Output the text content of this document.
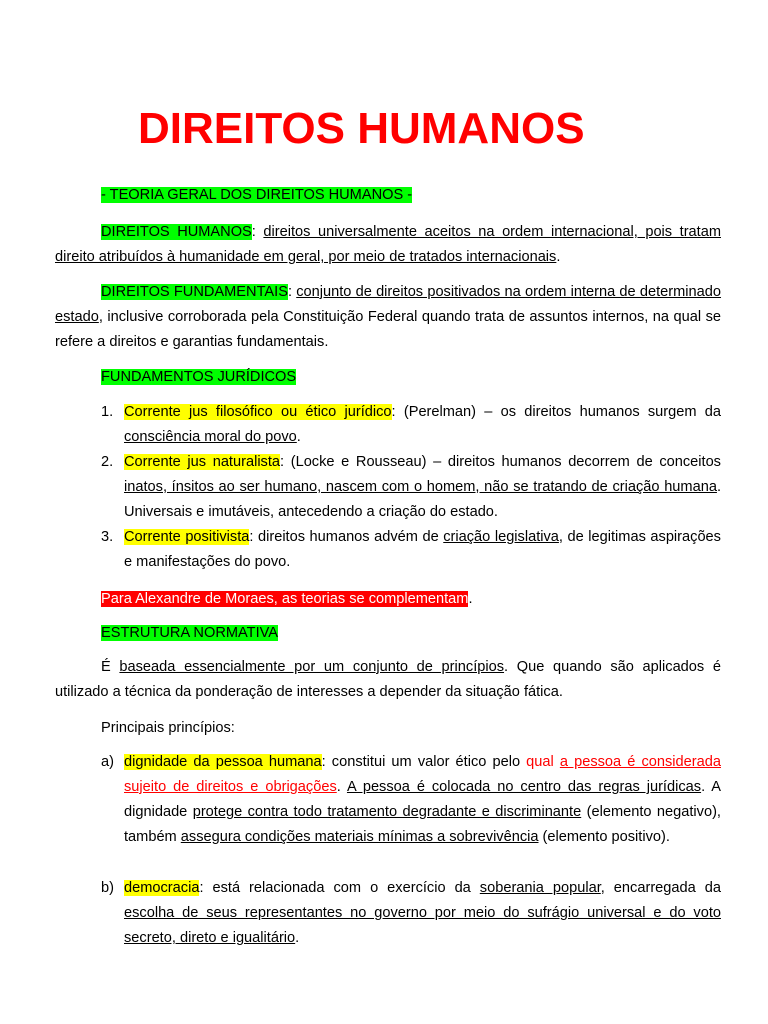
DIREITOS HUMANOS
- TEORIA GERAL DOS DIREITOS HUMANOS -
DIREITOS HUMANOS: direitos universalmente aceitos na ordem internacional, pois tratam direito atribuídos à humanidade em geral, por meio de tratados internacionais.
DIREITOS FUNDAMENTAIS: conjunto de direitos positivados na ordem interna de determinado estado, inclusive corroborada pela Constituição Federal quando trata de assuntos internos, na qual se refere a direitos e garantias fundamentais.
FUNDAMENTOS JURÍDICOS
1. Corrente jus filosófico ou ético jurídico: (Perelman) – os direitos humanos surgem da consciência moral do povo.
2. Corrente jus naturalista: (Locke e Rousseau) – direitos humanos decorrem de conceitos inatos, ínsitos ao ser humano, nascem com o homem, não se tratando de criação humana. Universais e imutáveis, antecedendo a criação do estado.
3. Corrente positivista: direitos humanos advém de criação legislativa, de legitimas aspirações e manifestações do povo.
Para Alexandre de Moraes, as teorias se complementam.
ESTRUTURA NORMATIVA
É baseada essencialmente por um conjunto de princípios. Que quando são aplicados é utilizado a técnica da ponderação de interesses a depender da situação fática.
Principais princípios:
a) dignidade da pessoa humana: constitui um valor ético pelo qual a pessoa é considerada sujeito de direitos e obrigações. A pessoa é colocada no centro das regras jurídicas. A dignidade protege contra todo tratamento degradante e discriminante (elemento negativo), também assegura condições materiais mínimas a sobrevivência (elemento positivo).
b) democracia: está relacionada com o exercício da soberania popular, encarregada da escolha de seus representantes no governo por meio do sufrágio universal e do voto secreto, direto e igualitário.
